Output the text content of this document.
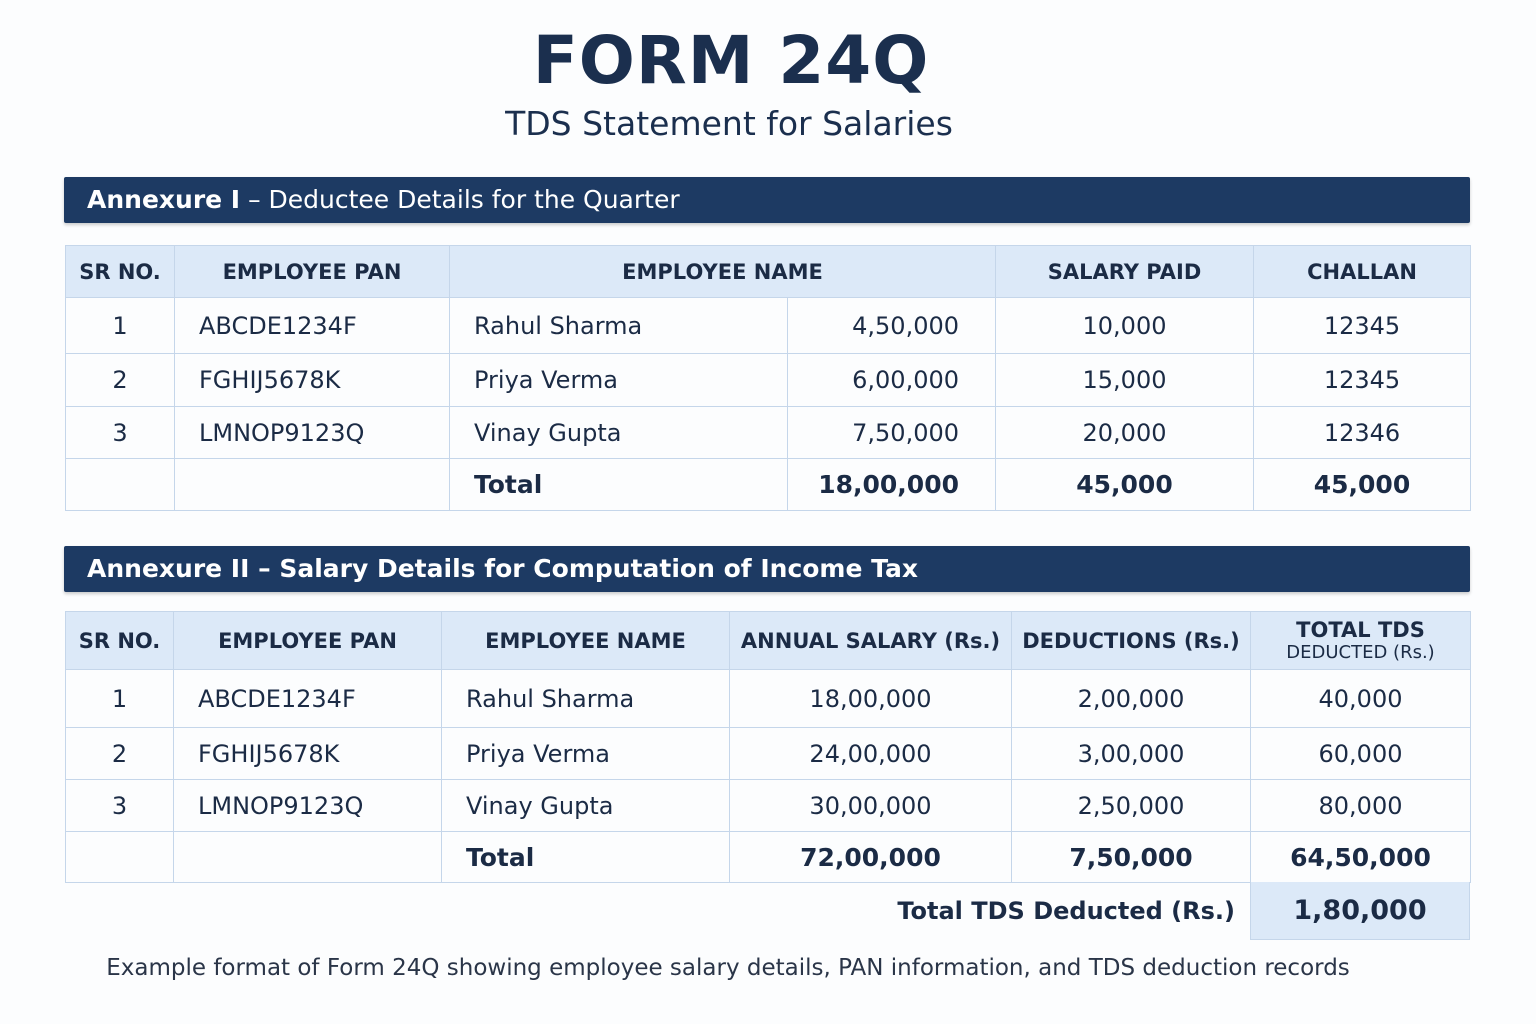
FORM 24Q
TDS Statement for Salaries
Annexure I – Deductee Details for the Quarter
SR NO.	EMPLOYEE PAN	EMPLOYEE NAME		SALARY PAID	CHALLAN
1	ABCDE1234F	Rahul Sharma	4,50,000	10,000	12345
2	FGHIJ5678K	Priya Verma	6,00,000	15,000	12345
3	LMNOP9123Q	Vinay Gupta	7,50,000	20,000	12346
		Total	18,00,000	45,000	45,000
Annexure II – Salary Details for Computation of Income Tax
SR NO.	EMPLOYEE PAN	EMPLOYEE NAME	ANNUAL SALARY (Rs.)	DEDUCTIONS (Rs.)	TOTAL TDS
DEDUCTED (Rs.)

1	ABCDE1234F	Rahul Sharma	18,00,000	2,00,000	40,000
2	FGHIJ5678K	Priya Verma	24,00,000	3,00,000	60,000
3	LMNOP9123Q	Vinay Gupta	30,00,000	2,50,000	80,000
		Total	72,00,000	7,50,000	64,50,000
Total TDS Deducted (Rs.)	1,80,000
Example format of Form 24Q showing employee salary details, PAN information, and TDS deduction records
